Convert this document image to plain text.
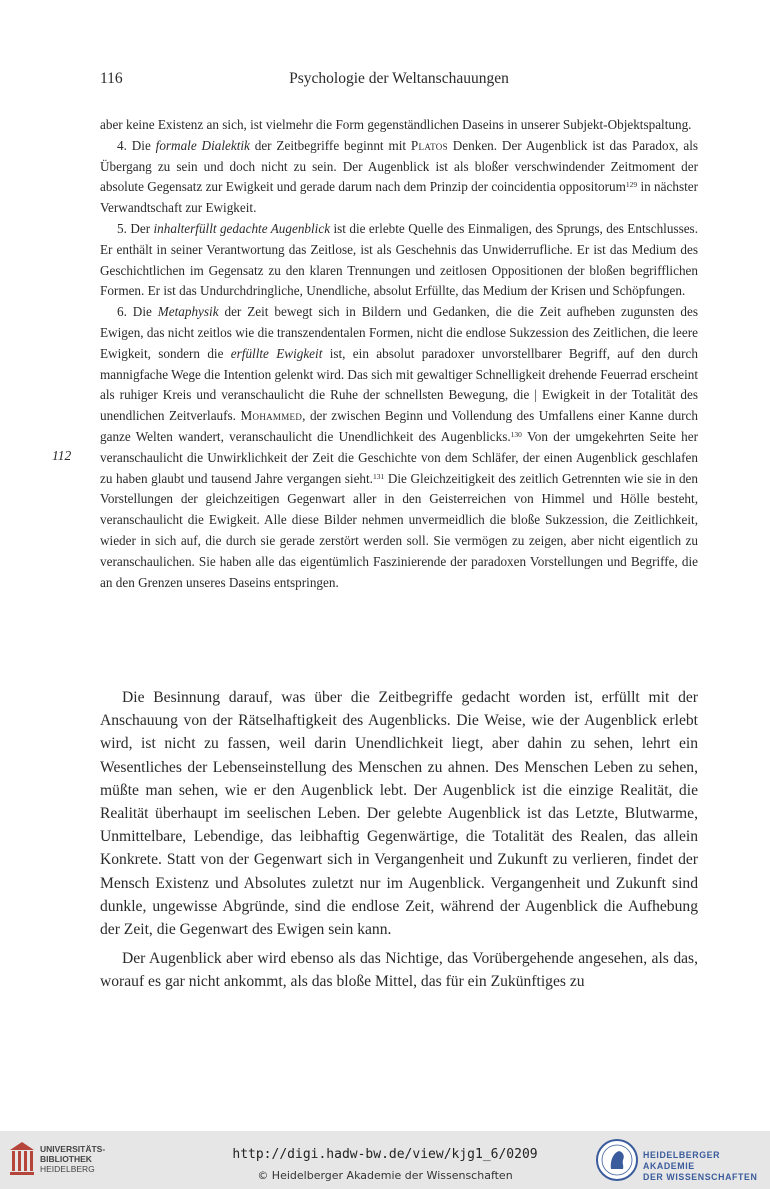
116	Psychologie der Weltanschauungen
112

aber keine Existenz an sich, ist vielmehr die Form gegenständlichen Daseins in unserer Subjekt-Objektspaltung.

4. Die formale Dialektik der Zeitbegriffe beginnt mit Platos Denken. Der Augenblick ist das Paradox, als Übergang zu sein und doch nicht zu sein. Der Augenblick ist als bloßer verschwindender Zeitmoment der absolute Gegensatz zur Ewigkeit und gerade darum nach dem Prinzip der coincidentia oppositorum$^{129}$ in nächster Verwandtschaft zur Ewigkeit.

5. Der inhalterfüllt gedachte Augenblick ist die erlebte Quelle des Einmaligen, des Sprungs, des Entschlusses. Er enthält in seiner Verantwortung das Zeitlose, ist als Geschehnis das Unwiderrufliche. Er ist das Medium des Geschichtlichen im Gegensatz zu den klaren Trennungen und zeitlosen Oppositionen der bloßen begrifflichen Formen. Er ist das Undurchdringliche, Unendliche, absolut Erfüllte, das Medium der Krisen und Schöpfungen.

6. Die Metaphysik der Zeit bewegt sich in Bildern und Gedanken, die die Zeit aufheben zugunsten des Ewigen, das nicht zeitlos wie die transzendentalen Formen, nicht die endlose Sukzession des Zeitlichen, die leere Ewigkeit, sondern die erfüllte Ewigkeit ist, ein absolut paradoxer unvorstellbarer Begriff, auf den durch mannigfache Wege die Intention gelenkt wird. Das sich mit gewaltiger Schnelligkeit drehende Feuerrad erscheint als ruhiger Kreis und veranschaulicht die Ruhe der schnellsten Bewegung, die | Ewigkeit in der Totalität des unendlichen Zeitverlaufs. Mohammed, der zwischen Beginn und Vollendung des Umfallens einer Kanne durch ganze Welten wandert, veranschaulicht die Unendlichkeit des Augenblicks.$^{130}$ Von der umgekehrten Seite her veranschaulicht die Unwirklichkeit der Zeit die Geschichte von dem Schläfer, der einen Augenblick geschlafen zu haben glaubt und tausend Jahre vergangen sieht.$^{131}$ Die Gleichzeitigkeit des zeitlich Getrennten wie sie in den Vorstellungen der gleichzeitigen Gegenwart aller in den Geisterreichen von Himmel und Hölle besteht, veranschaulicht die Ewigkeit. Alle diese Bilder nehmen unvermeidlich die bloße Sukzession, die Zeitlichkeit, wieder in sich auf, die durch sie gerade zerstört werden soll. Sie vermögen zu zeigen, aber nicht eigentlich zu veranschaulichen. Sie haben alle das eigentümlich Faszinierende der paradoxen Vorstellungen und Begriffe, die an den Grenzen unseres Daseins entspringen.

Die Besinnung darauf, was über die Zeitbegriffe gedacht worden ist, erfüllt mit der Anschauung von der Rätselhaftigkeit des Augenblicks. Die Weise, wie der Augenblick erlebt wird, ist nicht zu fassen, weil darin Unendlichkeit liegt, aber dahin zu sehen, lehrt ein Wesentliches der Lebenseinstellung des Menschen zu ahnen. Des Menschen Leben zu sehen, müßte man sehen, wie er den Augenblick lebt. Der Augenblick ist die einzige Realität, die Realität überhaupt im seelischen Leben. Der gelebte Augenblick ist das Letzte, Blutwarme, Unmittelbare, Lebendige, das leibhaftig Gegenwärtige, die Totalität des Realen, das allein Konkrete. Statt von der Gegenwart sich in Vergangenheit und Zukunft zu verlieren, findet der Mensch Existenz und Absolutes zuletzt nur im Augenblick. Vergangenheit und Zukunft sind dunkle, ungewisse Abgründe, sind die endlose Zeit, während der Augenblick die Aufhebung der Zeit, die Gegenwart des Ewigen sein kann.

Der Augenblick aber wird ebenso als das Nichtige, das Vorübergehende angesehen, als das, worauf es gar nicht ankommt, als das bloße Mittel, das für ein Zukünftiges zu

UNIVERSITÄTS-
BIBLIOTHEK
HEIDELBERG
http://digi.hadw-bw.de/view/kjg1_6/0209
© Heidelberger Akademie der Wissenschaften
HEIDELBERGER AKADEMIE
DER WISSENSCHAFTEN
